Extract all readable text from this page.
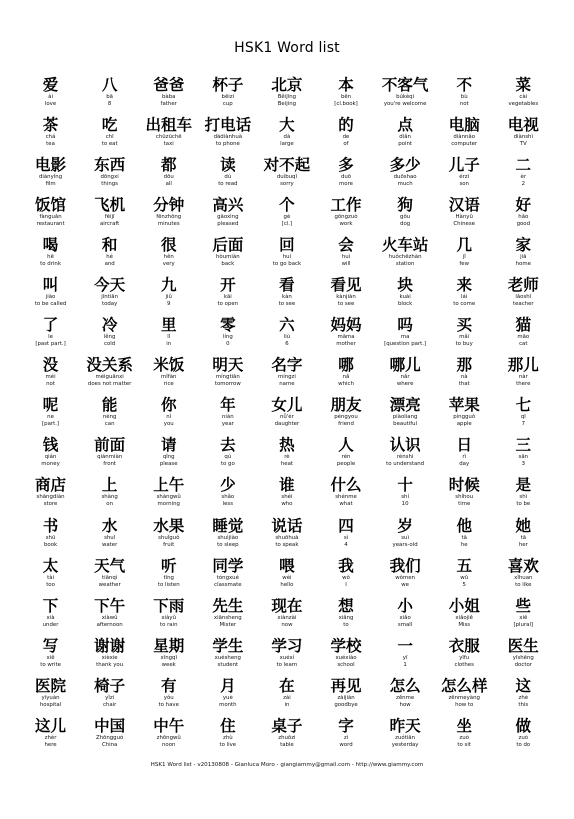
HSK1 Word list
爱
ài
love
八
bā
8
爸爸
bàba
father
杯子
bēizi
cup
北京
Běijīng
Beijing
本
běn
[cl.book]
不客气
búkèqi
you're welcome
不
bù
not
菜
cài
vegetables
茶
chá
tea
吃
chī
to eat
出租车
chūzūchē
taxi
打电话
dădiànhuà
to phone
大
dà
large
的
de
of
点
diǎn
point
电脑
diànnǎo
computer
电视
diànshì
TV
电影
diànyǐng
film
东西
dōngxi
things
都
dōu
all
读
dú
to read
对不起
duìbuqǐ
sorry
多
duō
more
多少
duōshao
much
儿子
érzi
son
二
èr
2
饭馆
fànguǎn
restaurant
飞机
fēijī
aircraft
分钟
fēnzhōng
minutes
高兴
gāoxìng
pleased
个
gè
[cl.]
工作
gōngzuò
work
狗
gǒu
dog
汉语
Hànyǔ
Chinese
好
hǎo
good
喝
hē
to drink
和
hé
and
很
hěn
very
后面
hòumiàn
back
回
huí
to go back
会
huì
will
火车站
huǒchēzhàn
station
几
jǐ
few
家
jiā
home
叫
jiào
to be called
今天
jīntiān
today
九
jiǔ
9
开
kāi
to open
看
kàn
to see
看见
kànjiàn
to see
块
kuài
block
来
lái
to come
老师
lǎoshī
teacher
了
le
[past part.]
冷
lěng
cold
里
lǐ
in
零
líng
0
六
liù
6
妈妈
māma
mother
吗
ma
[question part.]
买
mǎi
to buy
猫
māo
cat
没
méi
not
没关系
méiguānxi
does not matter
米饭
mǐfàn
rice
明天
míngtiān
tomorrow
名字
míngzi
name
哪
nǎ
which
哪儿
nǎr
where
那
nà
that
那儿
nàr
there
呢
ne
[part.]
能
néng
can
你
nǐ
you
年
nián
year
女儿
nǚ'ér
daughter
朋友
péngyou
friend
漂亮
piàoliang
beautiful
苹果
píngguǒ
apple
七
qī
7
钱
qián
money
前面
qiánmiàn
front
请
qǐng
please
去
qù
to go
热
rè
heat
人
rén
people
认识
rènshi
to understand
日
rì
day
三
sān
3
商店
shāngdiàn
store
上
shàng
on
上午
shàngwǔ
morning
少
shǎo
less
谁
shéi
who
什么
shénme
what
十
shí
10
时候
shíhou
time
是
shì
to be
书
shū
book
水
shuǐ
water
水果
shuǐguǒ
fruit
睡觉
shuìjiào
to sleep
说话
shuōhuà
to speak
四
sì
4
岁
suì
years-old
他
tā
he
她
tā
her
太
tài
too
天气
tiānqì
weather
听
tīng
to listen
同学
tóngxué
classmate
喂
wèi
hello
我
wǒ
I
我们
wǒmen
we
五
wǔ
5
喜欢
xǐhuan
to like
下
xià
under
下午
xiàwǔ
afternoon
下雨
xiàyǔ
to rain
先生
xiānsheng
Mister
现在
xiànzài
now
想
xiǎng
to
小
xiǎo
small
小姐
xiǎojiě
Miss
些
xiē
[plural]
写
xiě
to write
谢谢
xièxie
thank you
星期
xīngqī
week
学生
xuésheng
student
学习
xuéxí
to learn
学校
xuéxiào
school
一
yī
1
衣服
yīfu
clothes
医生
yīshēng
doctor
医院
yīyuàn
hospital
椅子
yǐzi
chair
有
yǒu
to have
月
yuè
month
在
zài
in
再见
zàijiàn
goodbye
怎么
zěnme
how
怎么样
zěnmeyàng
how to
这
zhè
this
这儿
zhèr
here
中国
Zhōngguó
China
中午
zhōngwǔ
noon
住
zhù
to live
桌子
zhuōzi
table
字
zì
word
昨天
zuótiān
yesterday
坐
zuò
to sit
做
zuò
to do
HSK1 Word list - v20130808 - Gianluca Moro - giangiammy@gmail.com - http://www.giammy.com
